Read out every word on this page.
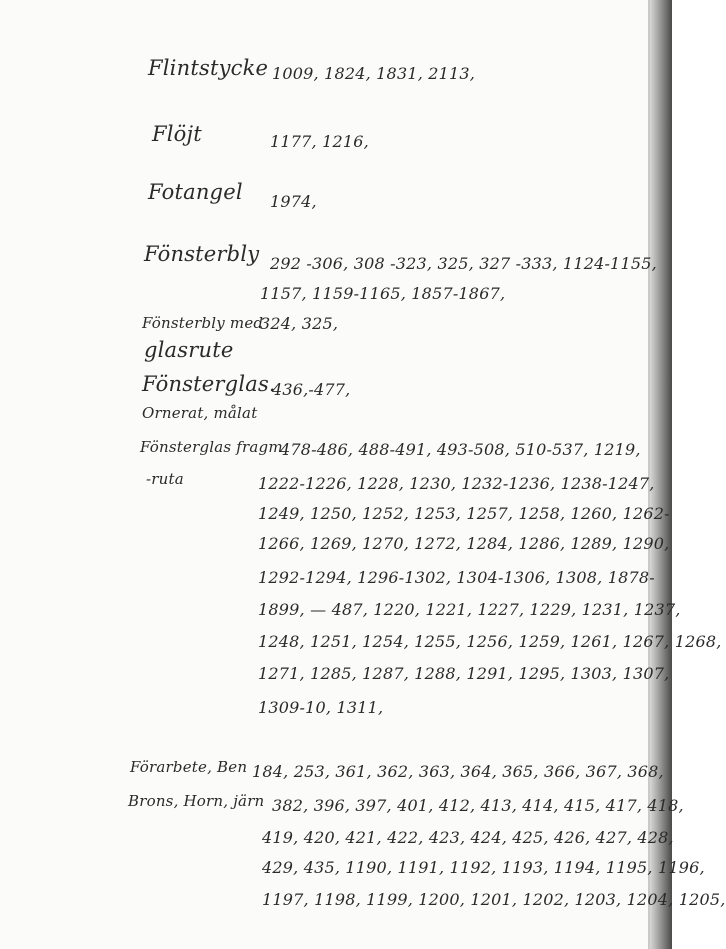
Flintstycke 1009, 1824, 1831, 2113,
Flöjt	1177, 1216,
Fotangel 1974,
Fönsterbly 292 -306, 308 -323, 325, 327 -333, 1124-1155,
1157, 1159-1165, 1857-1867,
Fönsterbly med
324, 325,
glasrute
Fönsterglas.
436,-477,
Ornerat, målat
Fönsterglas fragm
478-486, 488-491, 493-508, 510-537, 1219,
-ruta	1222-1226, 1228, 1230, 1232-1236, 1238-1247,
1249, 1250, 1252, 1253, 1257, 1258, 1260, 1262-
1266, 1269, 1270, 1272, 1284, 1286, 1289, 1290,
1292-1294, 1296-1302, 1304-1306, 1308, 1878-
1899, — 487, 1220, 1221, 1227, 1229, 1231, 1237,
1248, 1251, 1254, 1255, 1256, 1259, 1261, 1267, 1268,
1271, 1285, 1287, 1288, 1291, 1295, 1303, 1307,
1309-10, 1311,
Förarbete, Ben 184, 253, 361, 362, 363, 364, 365, 366, 367, 368,
Brons, Horn, järn 382, 396, 397, 401, 412, 413, 414, 415, 417, 418,
419, 420, 421, 422, 423, 424, 425, 426, 427, 428,
429, 435, 1190, 1191, 1192, 1193, 1194, 1195, 1196,
1197, 1198, 1199, 1200, 1201, 1202, 1203, 1204, 1205,
